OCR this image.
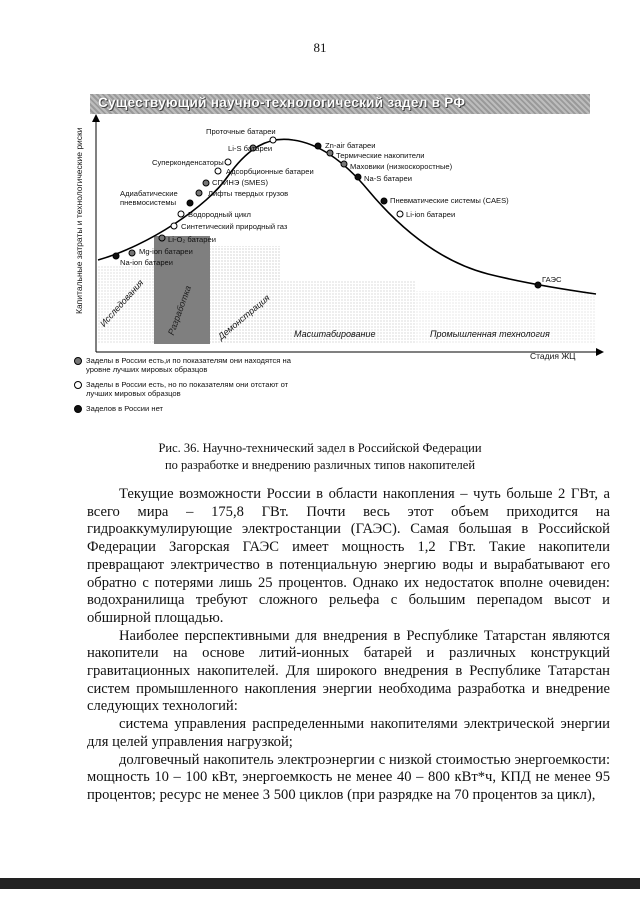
81
Существующий научно-технологический задел в РФ
Капитальные затраты и технологические риски	Проточные батареи
Li-S батареи
Суперконденсаторы
Адсорбционные батареи
СПИНЭ (SMES)
Лифты твердых грузов
Адиабатические
пневмосистемы
Водородный цикл
Синтетический природный газ
Li-O₂ батареи
Mg-ion батареи
Na-ion батареи
Zn-air батареи
Термические накопители
Маховики (низкоскоростные)
Na-S батареи
Пневматические системы (CAES)
Li-ion батареи
ГАЭС
Исследования Разработка	Демонстрация Масштабирование	Промышленная технология
Стадия ЖЦ
Заделы в России есть,и по показателям они находятся на
уровне лучших мировых образцов
Заделы в России есть, но по показателям они отстают от
лучших мировых образцов
Заделов в России нет
Рис. 36. Научно-технический задел в Российской Федерации
по разработке и внедрению различных типов накопителей

Текущие возможности России в области накопления – чуть больше 2 ГВт, а всего мира – 175,8 ГВт. Почти весь этот объем приходится на гидроаккумулирующие электростанции (ГАЭС). Самая большая в Российской Федерации Загорская ГАЭС имеет мощность 1,2 ГВт. Такие накопители превращают электричество в потенциальную энергию воды и вырабатывают его обратно с потерями лишь 25 процентов. Однако их недостаток вполне очевиден: водохранилища требуют сложного рельефа с большим перепадом высот и обширной площадью.

Наиболее перспективными для внедрения в Республике Татарстан являются накопители на основе литий-ионных батарей и различных конструкций гравитационных накопителей. Для широкого внедрения в Республике Татарстан систем промышленного накопления энергии необходима разработка и внедрение следующих технологий:

система управления распределенными накопителями электрической энергии для целей управления нагрузкой;

долговечный накопитель электроэнергии с низкой стоимостью энергоемкости: мощность 10 – 100 кВт, энергоемкость не менее 40 – 800 кВт*ч, КПД не менее 95 процентов; ресурс не менее 3 500 циклов (при разрядке на 70 процентов за цикл),
